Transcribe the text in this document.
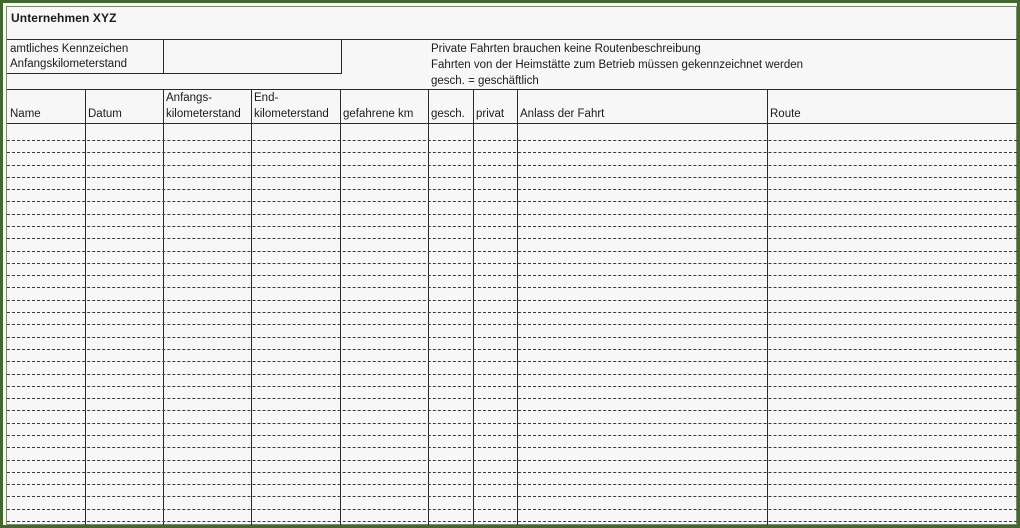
Unternehmen XYZ
amtliches Kennzeichen
Anfangskilometerstand
Private Fahrten brauchen keine Routenbeschreibung
Fahrten von der Heimstätte zum Betrieb müssen gekennzeichnet werden
gesch. = geschäftlich
Name	Datum
Anfangs-
kilometerstand
End-
kilometerstand gefahrene km gesch. privat Anlass der Fahrt	Route
